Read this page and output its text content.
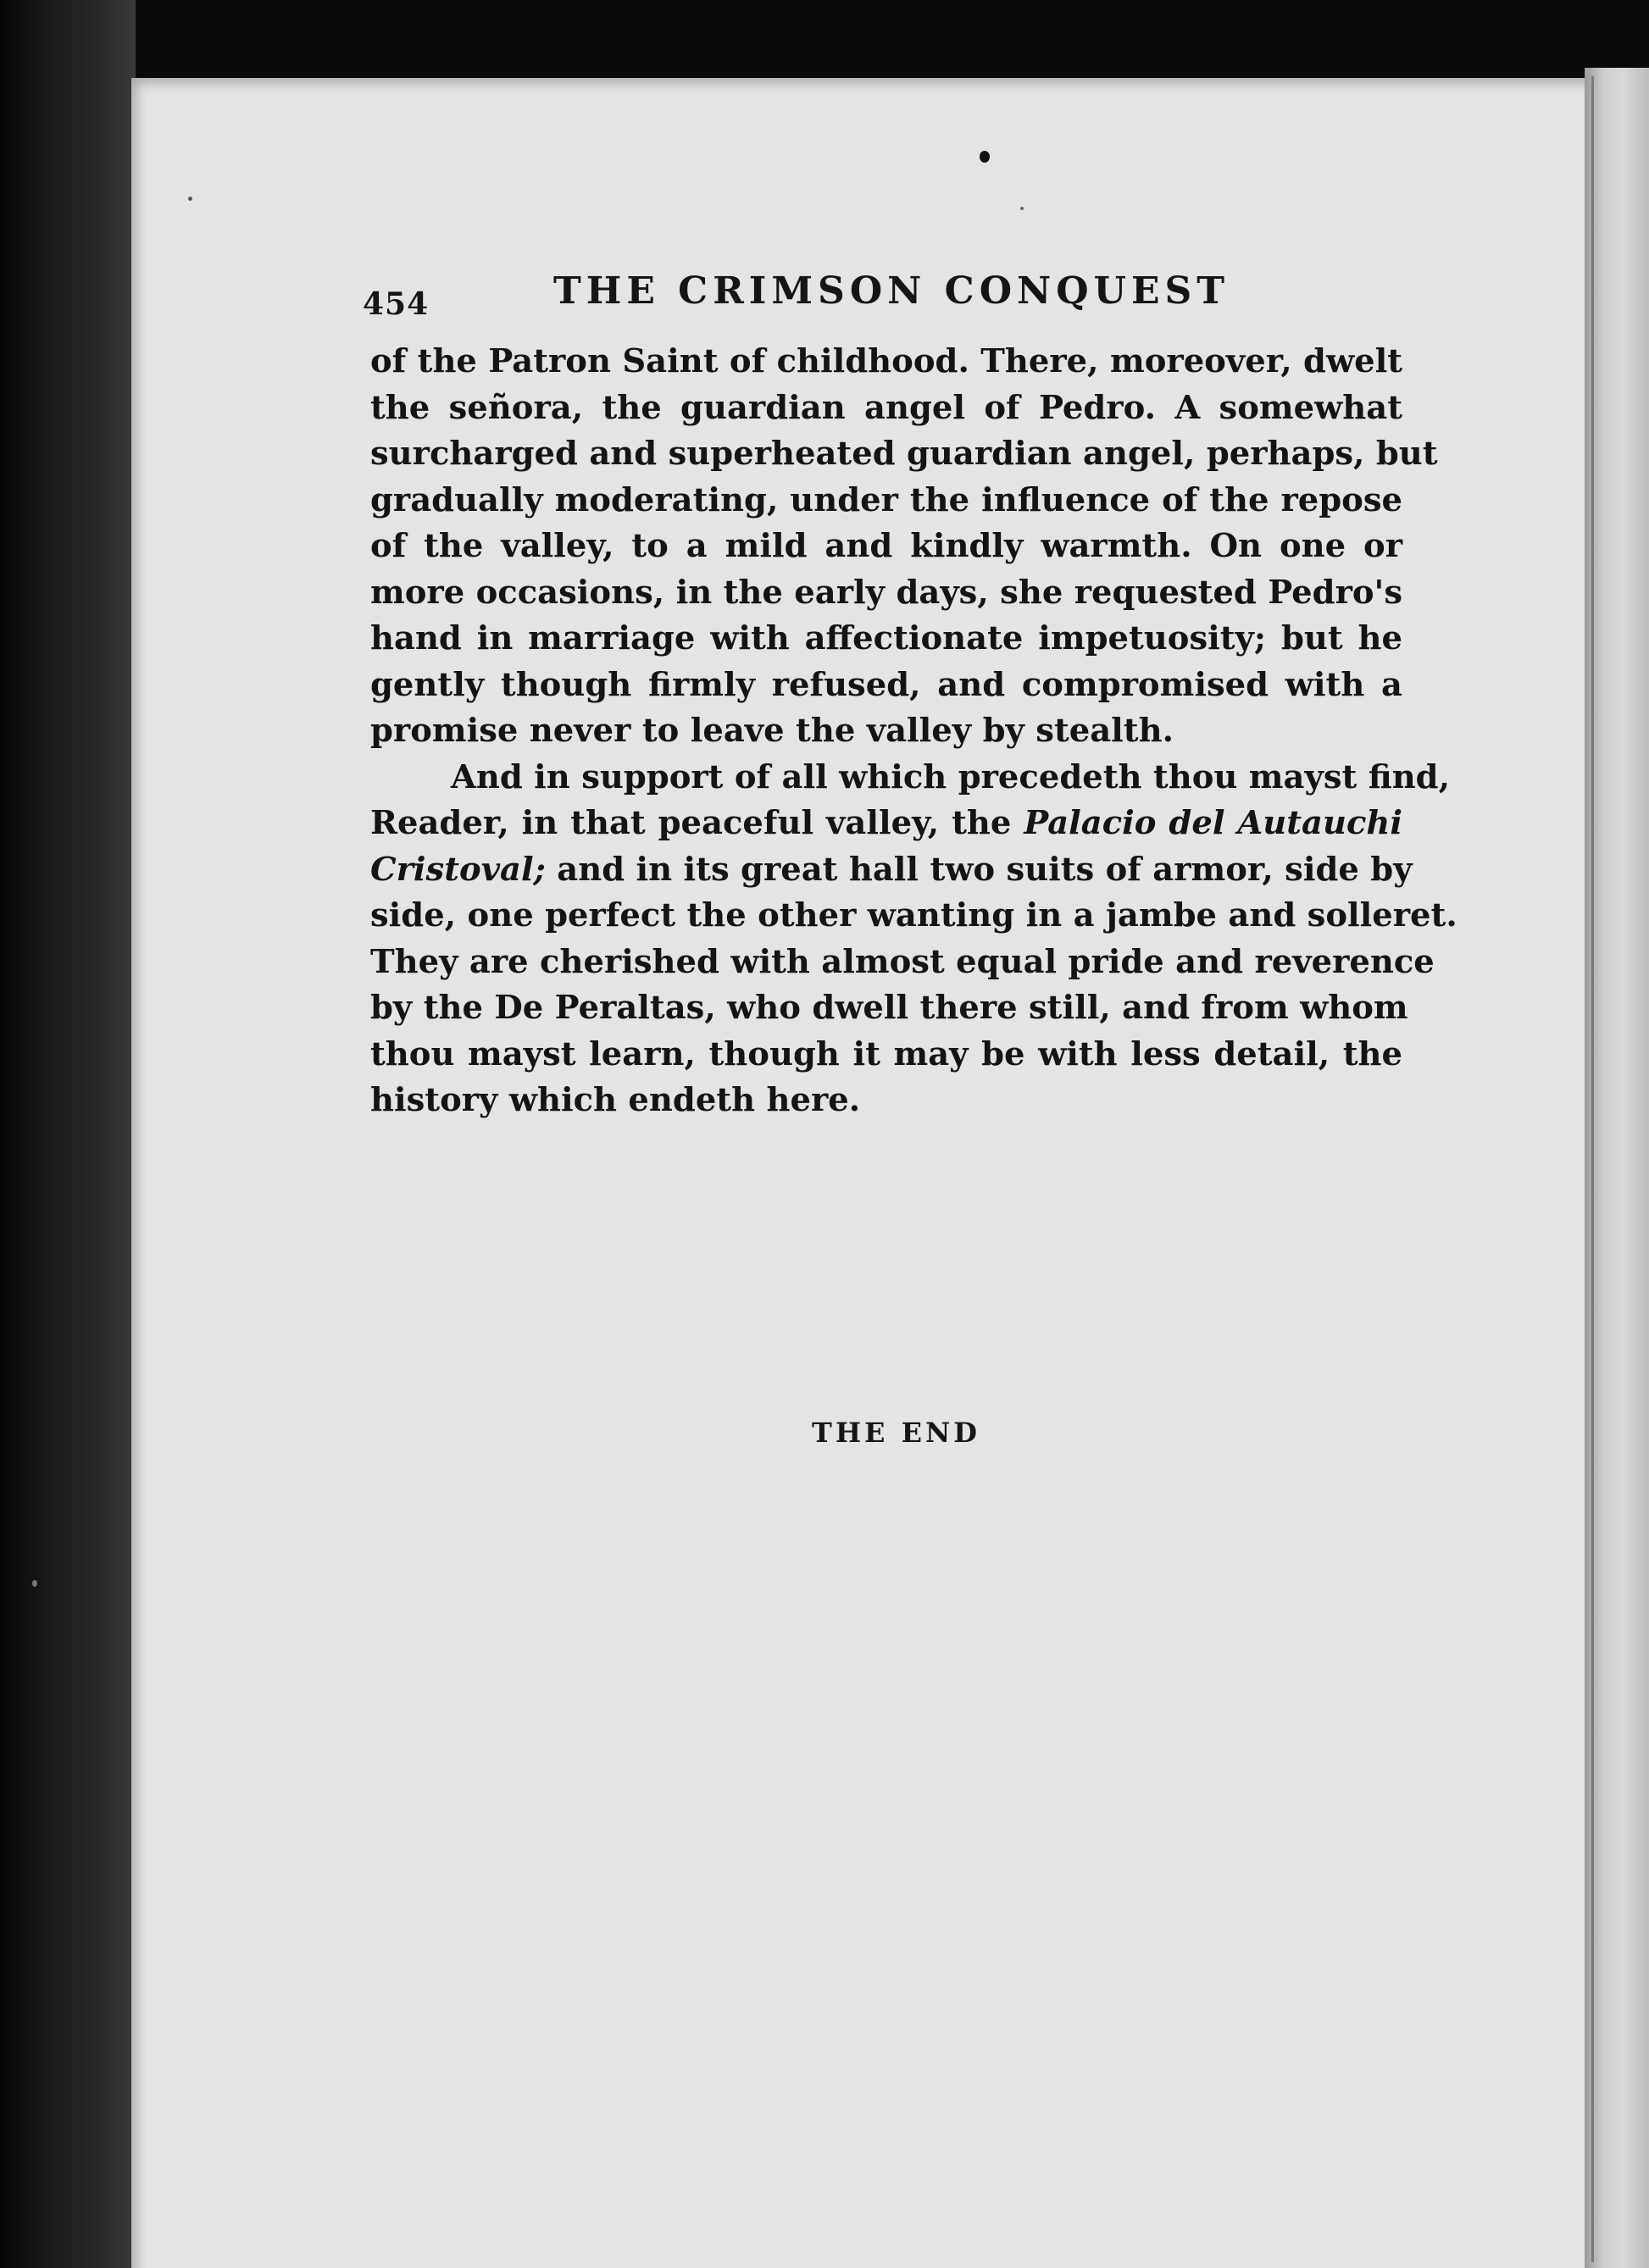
454	THE CRIMSON CONQUEST
of the Patron Saint of childhood. There, moreover, dwelt
the señora, the guardian angel of Pedro. A somewhat
surcharged and superheated guardian angel, perhaps, but
gradually moderating, under the influence of the repose
of the valley, to a mild and kindly warmth. On one or
more occasions, in the early days, she requested Pedro's
hand in marriage with affectionate impetuosity; but he
gently though firmly refused, and compromised with a
promise never to leave the valley by stealth.
And in support of all which precedeth thou mayst find,
Reader, in that peaceful valley, the Palacio del Autauchi
Cristoval; and in its great hall two suits of armor, side by
side, one perfect the other wanting in a jambe and solleret.
They are cherished with almost equal pride and reverence
by the De Peraltas, who dwell there still, and from whom
thou mayst learn, though it may be with less detail, the
history which endeth here.
THE END
